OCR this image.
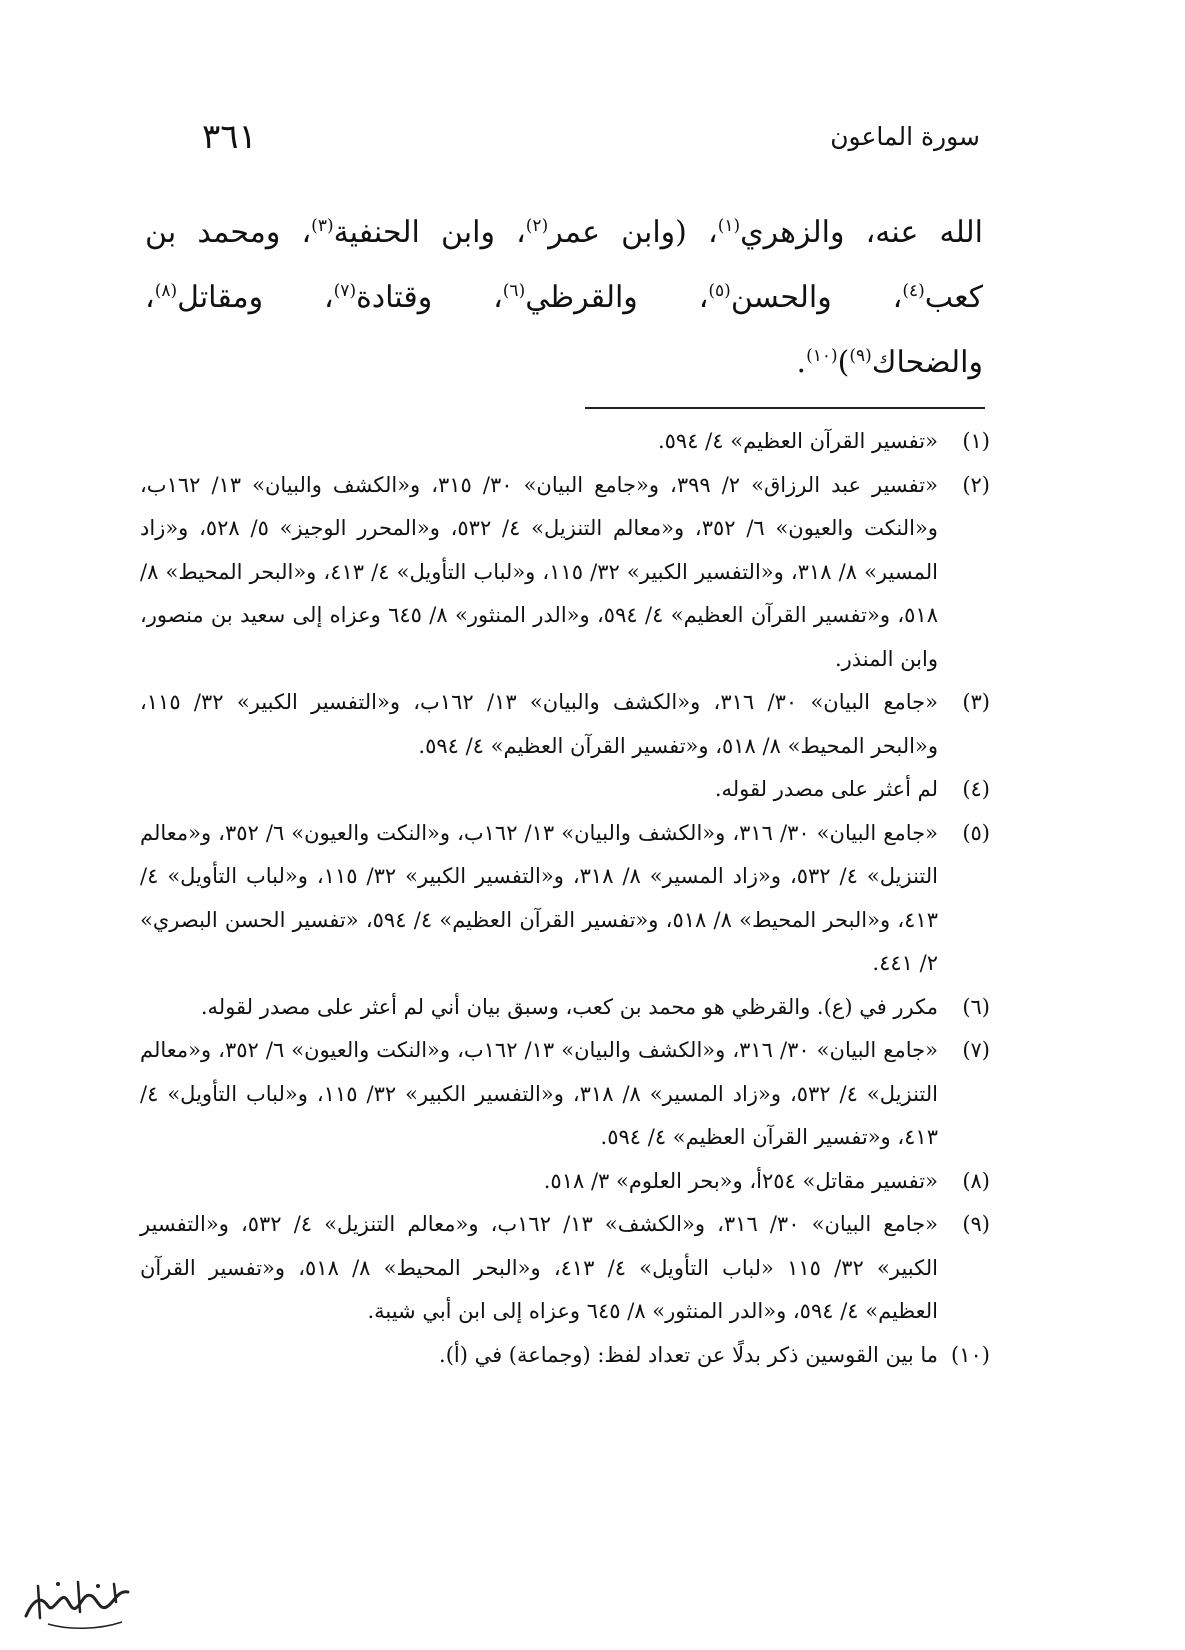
٣٦١	سورة الماعون
الله عنه، والزهري$^{(١)}$، (وابن عمر$^{(٢)}$، وابن الحنفية$^{(٣)}$، ومحمد بن
كعب$^{(٤)}$، والحسن$^{(٥)}$، والقرظي$^{(٦)}$، وقتادة$^{(٧)}$، ومقاتل$^{(٨)}$،
والضحاك$^{(٩)}$)$^{(١٠)}$.
(١)
«تفسير القرآن العظيم» ٤/ ٥٩٤.
(٢)
«تفسير عبد الرزاق» ٢/ ٣٩٩، و«جامع البيان» ٣٠/ ٣١٥، و«الكشف والبيان» ١٣/ ١٦٢ب، و«النكت والعيون» ٦/ ٣٥٢، و«معالم التنزيل» ٤/ ٥٣٢، و«المحرر الوجيز» ٥/ ٥٢٨، و«زاد المسير» ٨/ ٣١٨، و«التفسير الكبير» ٣٢/ ١١٥، و«لباب التأويل» ٤/ ٤١٣، و«البحر المحيط» ٨/ ٥١٨، و«تفسير القرآن العظيم» ٤/ ٥٩٤، و«الدر المنثور» ٨/ ٦٤٥ وعزاه إلى سعيد بن منصور، وابن المنذر.
(٣)
«جامع البيان» ٣٠/ ٣١٦، و«الكشف والبيان» ١٣/ ١٦٢ب، و«التفسير الكبير» ٣٢/ ١١٥، و«البحر المحيط» ٨/ ٥١٨، و«تفسير القرآن العظيم» ٤/ ٥٩٤.
(٤)
لم أعثر على مصدر لقوله.
(٥)
«جامع البيان» ٣٠/ ٣١٦، و«الكشف والبيان» ١٣/ ١٦٢ب، و«النكت والعيون» ٦/ ٣٥٢، و«معالم التنزيل» ٤/ ٥٣٢، و«زاد المسير» ٨/ ٣١٨، و«التفسير الكبير» ٣٢/ ١١٥، و«لباب التأويل» ٤/ ٤١٣، و«البحر المحيط» ٨/ ٥١٨، و«تفسير القرآن العظيم» ٤/ ٥٩٤، «تفسير الحسن البصري» ٢/ ٤٤١.
(٦)
مكرر في (ع). والقرظي هو محمد بن كعب، وسبق بيان أني لم أعثر على مصدر لقوله.
(٧)
«جامع البيان» ٣٠/ ٣١٦، و«الكشف والبيان» ١٣/ ١٦٢ب، و«النكت والعيون» ٦/ ٣٥٢، و«معالم التنزيل» ٤/ ٥٣٢، و«زاد المسير» ٨/ ٣١٨، و«التفسير الكبير» ٣٢/ ١١٥، و«لباب التأويل» ٤/ ٤١٣، و«تفسير القرآن العظيم» ٤/ ٥٩٤.
(٨)
«تفسير مقاتل» ٢٥٤أ، و«بحر العلوم» ٣/ ٥١٨.
(٩)
«جامع البيان» ٣٠/ ٣١٦، و«الكشف» ١٣/ ١٦٢ب، و«معالم التنزيل» ٤/ ٥٣٢، و«التفسير الكبير» ٣٢/ ١١٥ «لباب التأويل» ٤/ ٤١٣، و«البحر المحيط» ٨/ ٥١٨، و«تفسير القرآن العظيم» ٤/ ٥٩٤، و«الدر المنثور» ٨/ ٦٤٥ وعزاه إلى ابن أبي شيبة.
(١٠)
ما بين القوسين ذكر بدلًا عن تعداد لفظ: (وجماعة) في (أ).
